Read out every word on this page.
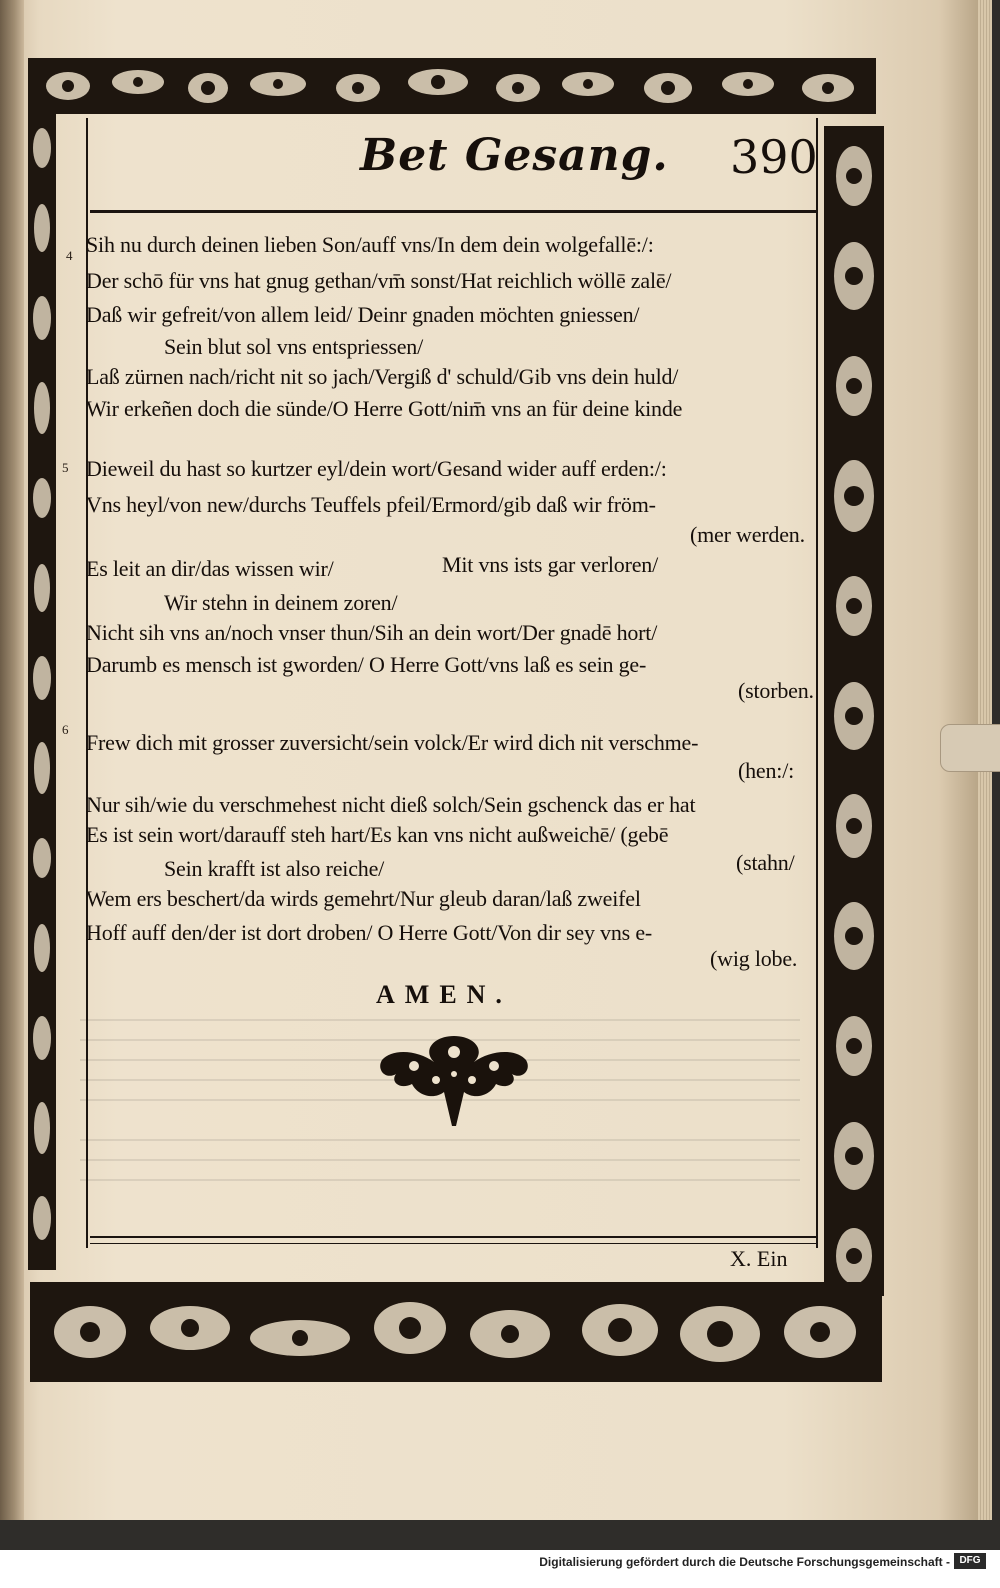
Bet Gesang. 390
4 Sih nu durch deinen lieben Son/auff vns/In dem dein wolgefallē:/:
Der schō für vns hat gnug gethan/vm̄ sonst/Hat reichlich wöllē zalē/
Daß wir gefreit/von allem leid/ Deinr gnaden möchten gniessen/
Sein blut sol vns entspriessen/
Laß zürnen nach/richt nit so jach/Vergiß d' schuld/Gib vns dein huld/
Wir erkeñen doch die sünde/O Herre Gott/nim̄ vns an für deine kinde
5 Dieweil du hast so kurtzer eyl/dein wort/Gesand wider auff erden:/:
Vns heyl/von new/durchs Teuffels pfeil/Ermord/gib daß wir fröm-
(mer werden.
Es leit an dir/das wissen wir/	Mit vns ists gar verloren/
Wir stehn in deinem zoren/
Nicht sih vns an/noch vnser thun/Sih an dein wort/Der gnadē hort/
Darumb es mensch ist gworden/ O Herre Gott/vns laß es sein ge-
(storben.
6
Frew dich mit grosser zuversicht/sein volck/Er wird dich nit verschme-
(hen:/:
Nur sih/wie du verschmehest nicht dieß solch/Sein gschenck das er hat
Es ist sein wort/darauff steh hart/Es kan vns nicht außweichē/ (gebē
Sein krafft ist also reiche/	(stahn/
Wem ers beschert/da wirds gemehrt/Nur gleub daran/laß zweifel
Hoff auff den/der ist dort droben/ O Herre Gott/Von dir sey vns e-
(wig lobe.
AMEN.
X. Ein
Digitalisierung gefördert durch die Deutsche Forschungsgemeinschaft - DFG
